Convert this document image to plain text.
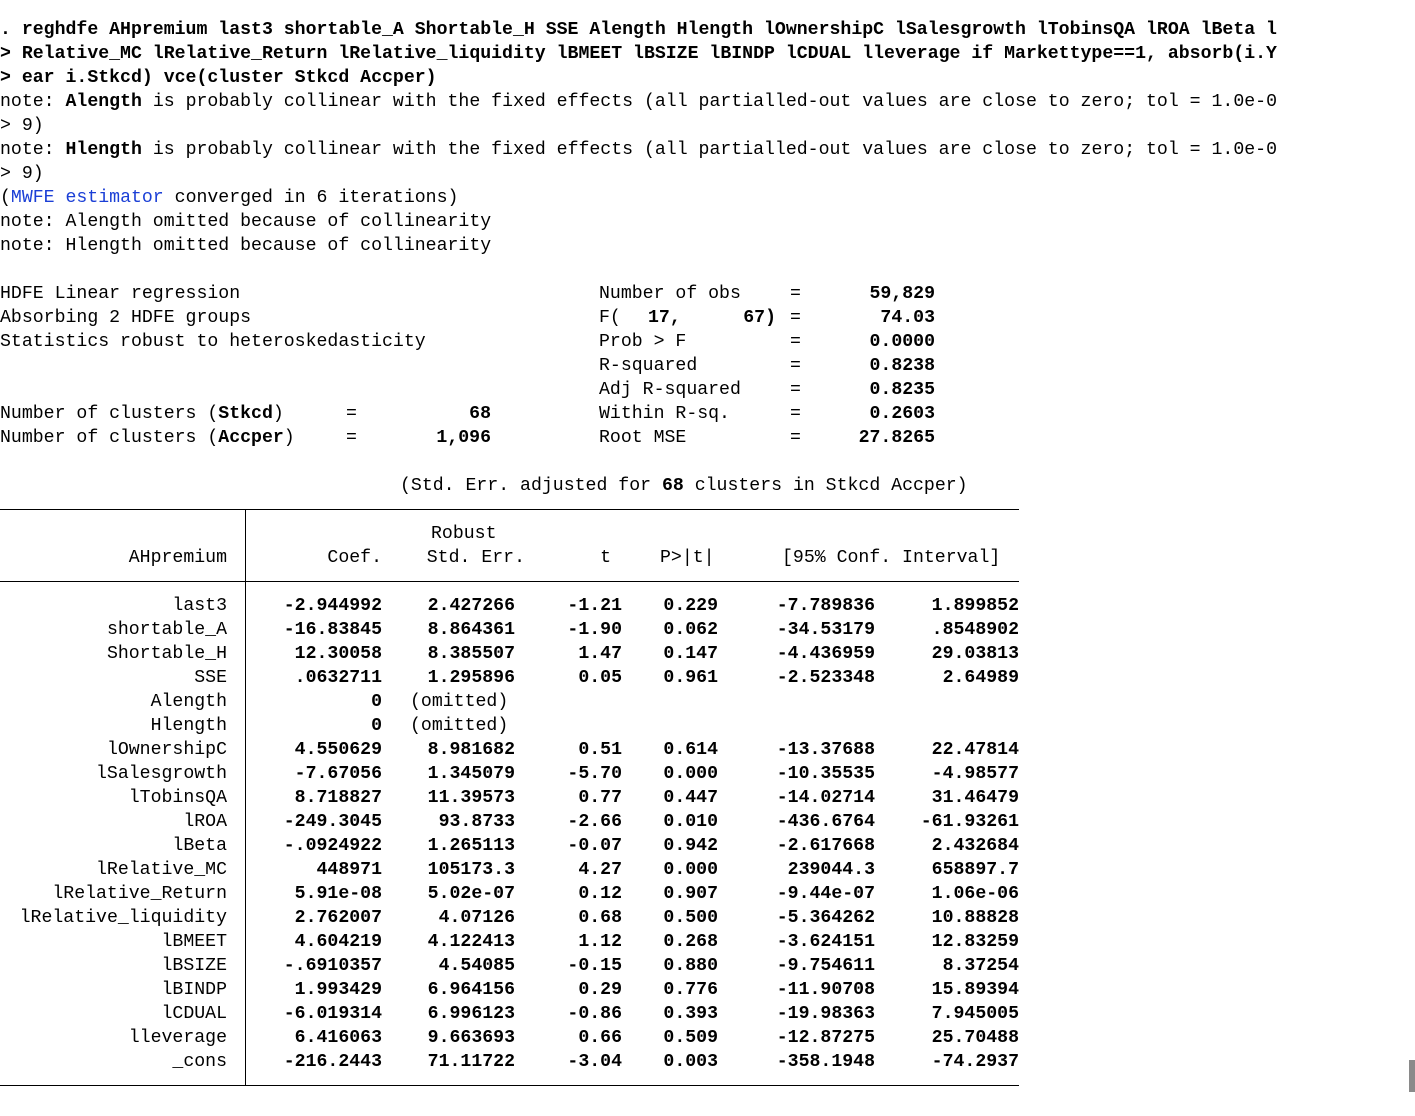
. reghdfe AHpremium last3 shortable_A Shortable_H SSE Alength Hlength lOwnershipC lSalesgrowth lTobinsQA lROA lBeta l
> Relative_MC lRelative_Return lRelative_liquidity lBMEET lBSIZE lBINDP lCDUAL lleverage if Markettype==1, absorb(i.Y
> ear i.Stkcd) vce(cluster Stkcd Accper)
note: Alength is probably collinear with the fixed effects (all partialled-out values are close to zero; tol = 1.0e-0
> 9)
note: Hlength is probably collinear with the fixed effects (all partialled-out values are close to zero; tol = 1.0e-0
> 9)
(MWFE estimator converged in 6 iterations)
note: Alength omitted because of collinearity
note: Hlength omitted because of collinearity
HDFE Linear regression
Absorbing 2 HDFE groups
Statistics robust to heteroskedasticity
Number of clusters (Stkcd)	=	68
Number of clusters (Accper)	=	1,096
Number of obs	=	59,829
F( 17,	67) =	74.03
Prob > F	=	0.0000
R-squared	=	0.8238
Adj R-squared	=	0.8235
Within R-sq.	=	0.2603
Root MSE	=	27.8265
(Std. Err. adjusted for 68 clusters in Stkcd Accper)
Robust
AHpremium	Coef.	Std. Err.	t	P>|t|	[95% Conf. Interval]
last3	-2.944992	2.427266	-1.21	0.229	-7.789836	1.899852
shortable_A	-16.83845	8.864361	-1.90	0.062	-34.53179	.8548902
Shortable_H	12.30058	8.385507	1.47	0.147	-4.436959	29.03813
SSE	.0632711	1.295896	0.05	0.961	-2.523348	2.64989
Alength	0 (omitted)
Hlength	0 (omitted)
lOwnershipC	4.550629	8.981682	0.51	0.614	-13.37688	22.47814
lSalesgrowth	-7.67056	1.345079	-5.70	0.000	-10.35535	-4.98577
lTobinsQA	8.718827	11.39573	0.77	0.447	-14.02714	31.46479
lROA	-249.3045	93.8733	-2.66	0.010	-436.6764	-61.93261
lBeta	-.0924922	1.265113	-0.07	0.942	-2.617668	2.432684
lRelative_MC	448971	105173.3	4.27	0.000	239044.3	658897.7
lRelative_Return	5.91e-08	5.02e-07	0.12	0.907	-9.44e-07	1.06e-06
lRelative_liquidity	2.762007	4.07126	0.68	0.500	-5.364262	10.88828
lBMEET	4.604219	4.122413	1.12	0.268	-3.624151	12.83259
lBSIZE	-.6910357	4.54085	-0.15	0.880	-9.754611	8.37254
lBINDP	1.993429	6.964156	0.29	0.776	-11.90708	15.89394
lCDUAL	-6.019314	6.996123	-0.86	0.393	-19.98363	7.945005
lleverage	6.416063	9.663693	0.66	0.509	-12.87275	25.70488
_cons	-216.2443	71.11722	-3.04	0.003	-358.1948	-74.2937
